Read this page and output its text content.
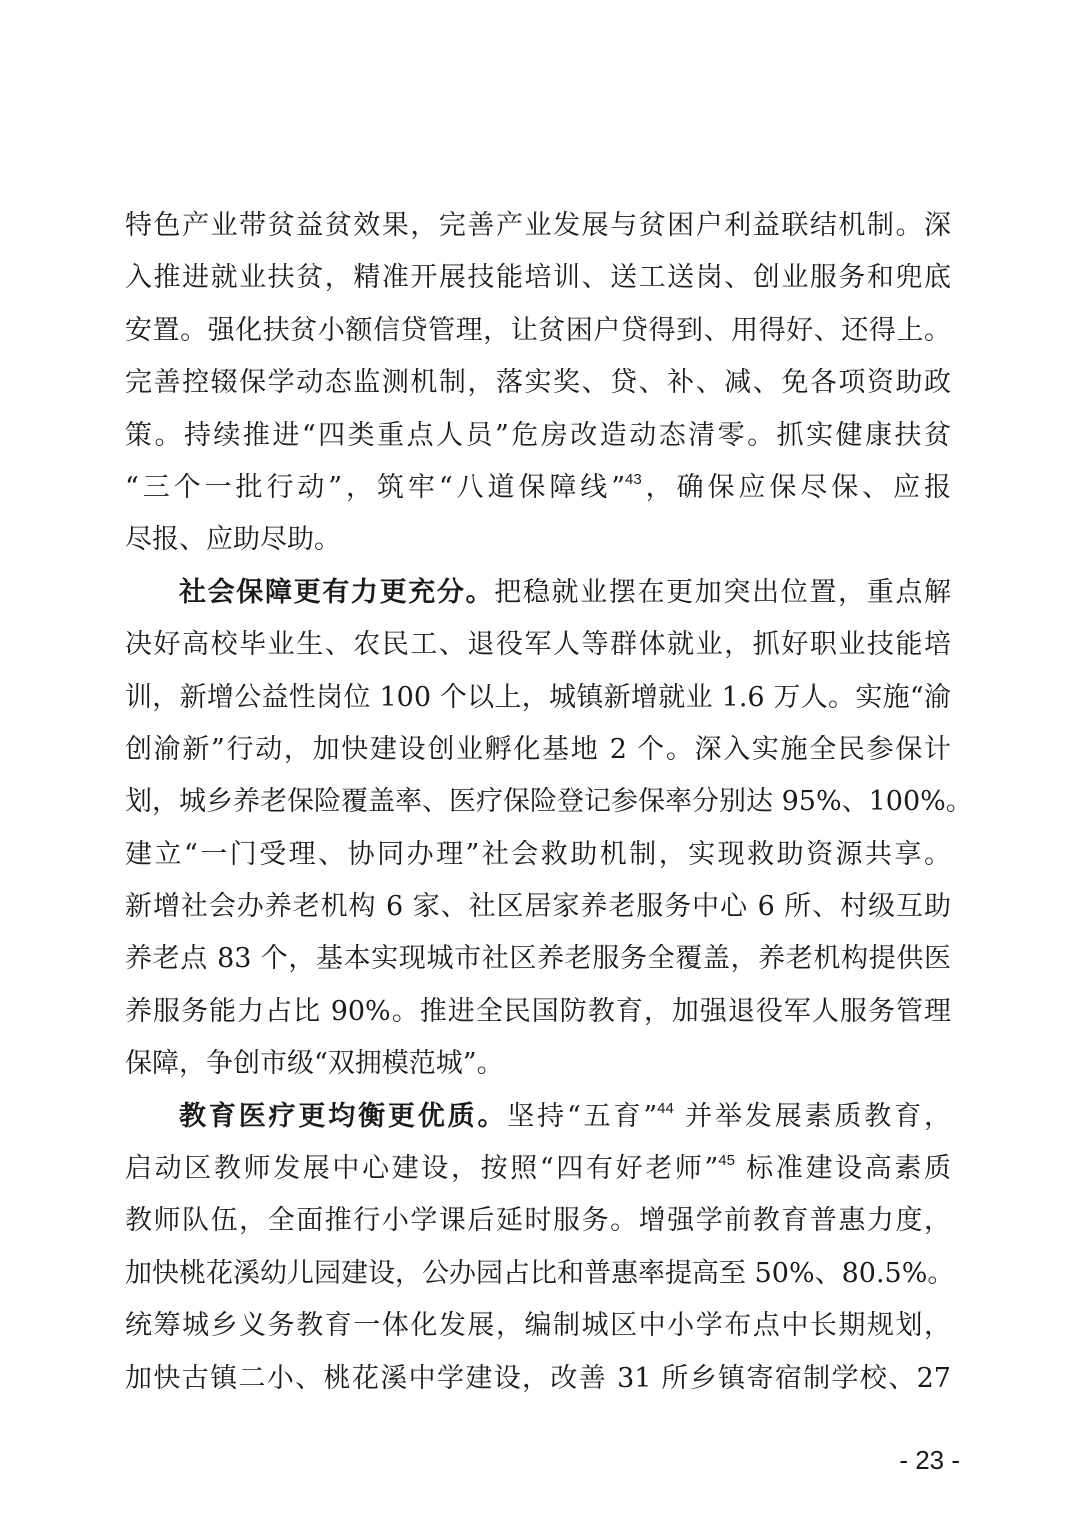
特色产业带贫益贫效果，完善产业发展与贫困户利益联结机制。深
入推进就业扶贫，精准开展技能培训、送工送岗、创业服务和兜底
安置。强化扶贫小额信贷管理，让贫困户贷得到、用得好、还得上。
完善控辍保学动态监测机制，落实奖、贷、补、减、免各项资助政
策。持续推进“四类重点人员”危房改造动态清零。抓实健康扶贫
“三个一批行动”，筑牢“八道保障线”$^{43}$，确保应保尽保、应报
尽报、应助尽助。
社会保障更有力更充分。把稳就业摆在更加突出位置，重点解
决好高校毕业生、农民工、退役军人等群体就业，抓好职业技能培
训，新增公益性岗位 100 个以上，城镇新增就业 1.6 万人。实施“渝
创渝新”行动，加快建设创业孵化基地 2 个。深入实施全民参保计
划，城乡养老保险覆盖率、医疗保险登记参保率分别达 95%、100%。
建立“一门受理、协同办理”社会救助机制，实现救助资源共享。
新增社会办养老机构 6 家、社区居家养老服务中心 6 所、村级互助
养老点 83 个，基本实现城市社区养老服务全覆盖，养老机构提供医
养服务能力占比 90%。推进全民国防教育，加强退役军人服务管理
保障，争创市级“双拥模范城”。
教育医疗更均衡更优质。坚持“五育”$^{44}$ 并举发展素质教育，
启动区教师发展中心建设，按照“四有好老师”$^{45}$ 标准建设高素质
教师队伍，全面推行小学课后延时服务。增强学前教育普惠力度，
加快桃花溪幼儿园建设，公办园占比和普惠率提高至 50%、80.5%。
统筹城乡义务教育一体化发展，编制城区中小学布点中长期规划，
加快古镇二小、桃花溪中学建设，改善 31 所乡镇寄宿制学校、27
- 23 -
